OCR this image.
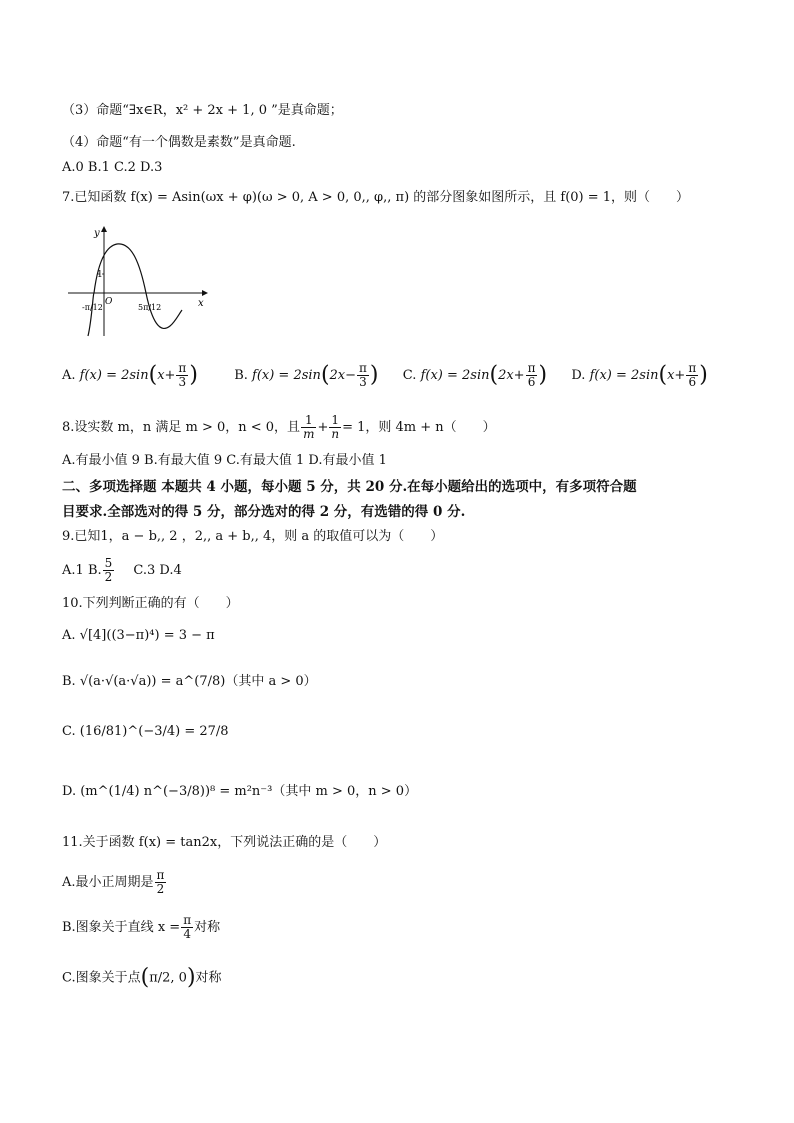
（3）命题“∃x∈R，x² + 2x + 1, 0 ”是真命题；
（4）命题“有一个偶数是素数”是真命题.
A.0 B.1 C.2 D.3
7.已知函数 f(x) = Asin(ωx + φ)(ω > 0, A > 0, 0,, φ,, π) 的部分图象如图所示，且 f(0) = 1，则（　　）
y
x
O
1
-π/12	5π/12
A. $f(x) = 2\sin(x+ \frac{\pi}{3}$ )	B. $f(x) = 2\sin(2x- \frac{\pi}{3}$ ) C. $f(x) = 2\sin(2x+ \frac{\pi}{6}$ ) D. $f(x) = 2\sin(x+ \frac{\pi}{6}$ )
8.设实数 m，n 满足 m > 0，n < 0，且 $\frac{1}{m} + \frac{1}{n} = 1$，则 4m + n（　　）
A.有最小值 9 B.有最大值 9 C.有最大值 1 D.有最小值 1
二、多项选择题 本题共 4 小题，每小题 5 分，共 20 分.在每小题给出的选项中，有多项符合题
目要求.全部选对的得 5 分，部分选对的得 2 分，有选错的得 0 分.
9.已知1，a − b,, 2 ，2,, a + b,, 4，则 a 的取值可以为（　　）
A.1 B. $\frac{5}{2} C.3$ D.4
10.下列判断正确的有（　　）
A. √[4]((3−π)⁴) = 3 − π
B. √(a·√(a·√a)) = a^(7/8)（其中 a > 0）
C. (16/81)^(−3/4) = 27/8
D. (m^(1/4) n^(−3/8))⁸ = m²n⁻³（其中 m > 0，n > 0）
11.关于函数 f(x) = tan2x，下列说法正确的是（　　）
A.最小正周期是 $\frac{\pi}{2}$
B.图象关于直线 $x = \frac{\pi}{4}$ 对称
C.图象关于点(π/2, 0)对称
